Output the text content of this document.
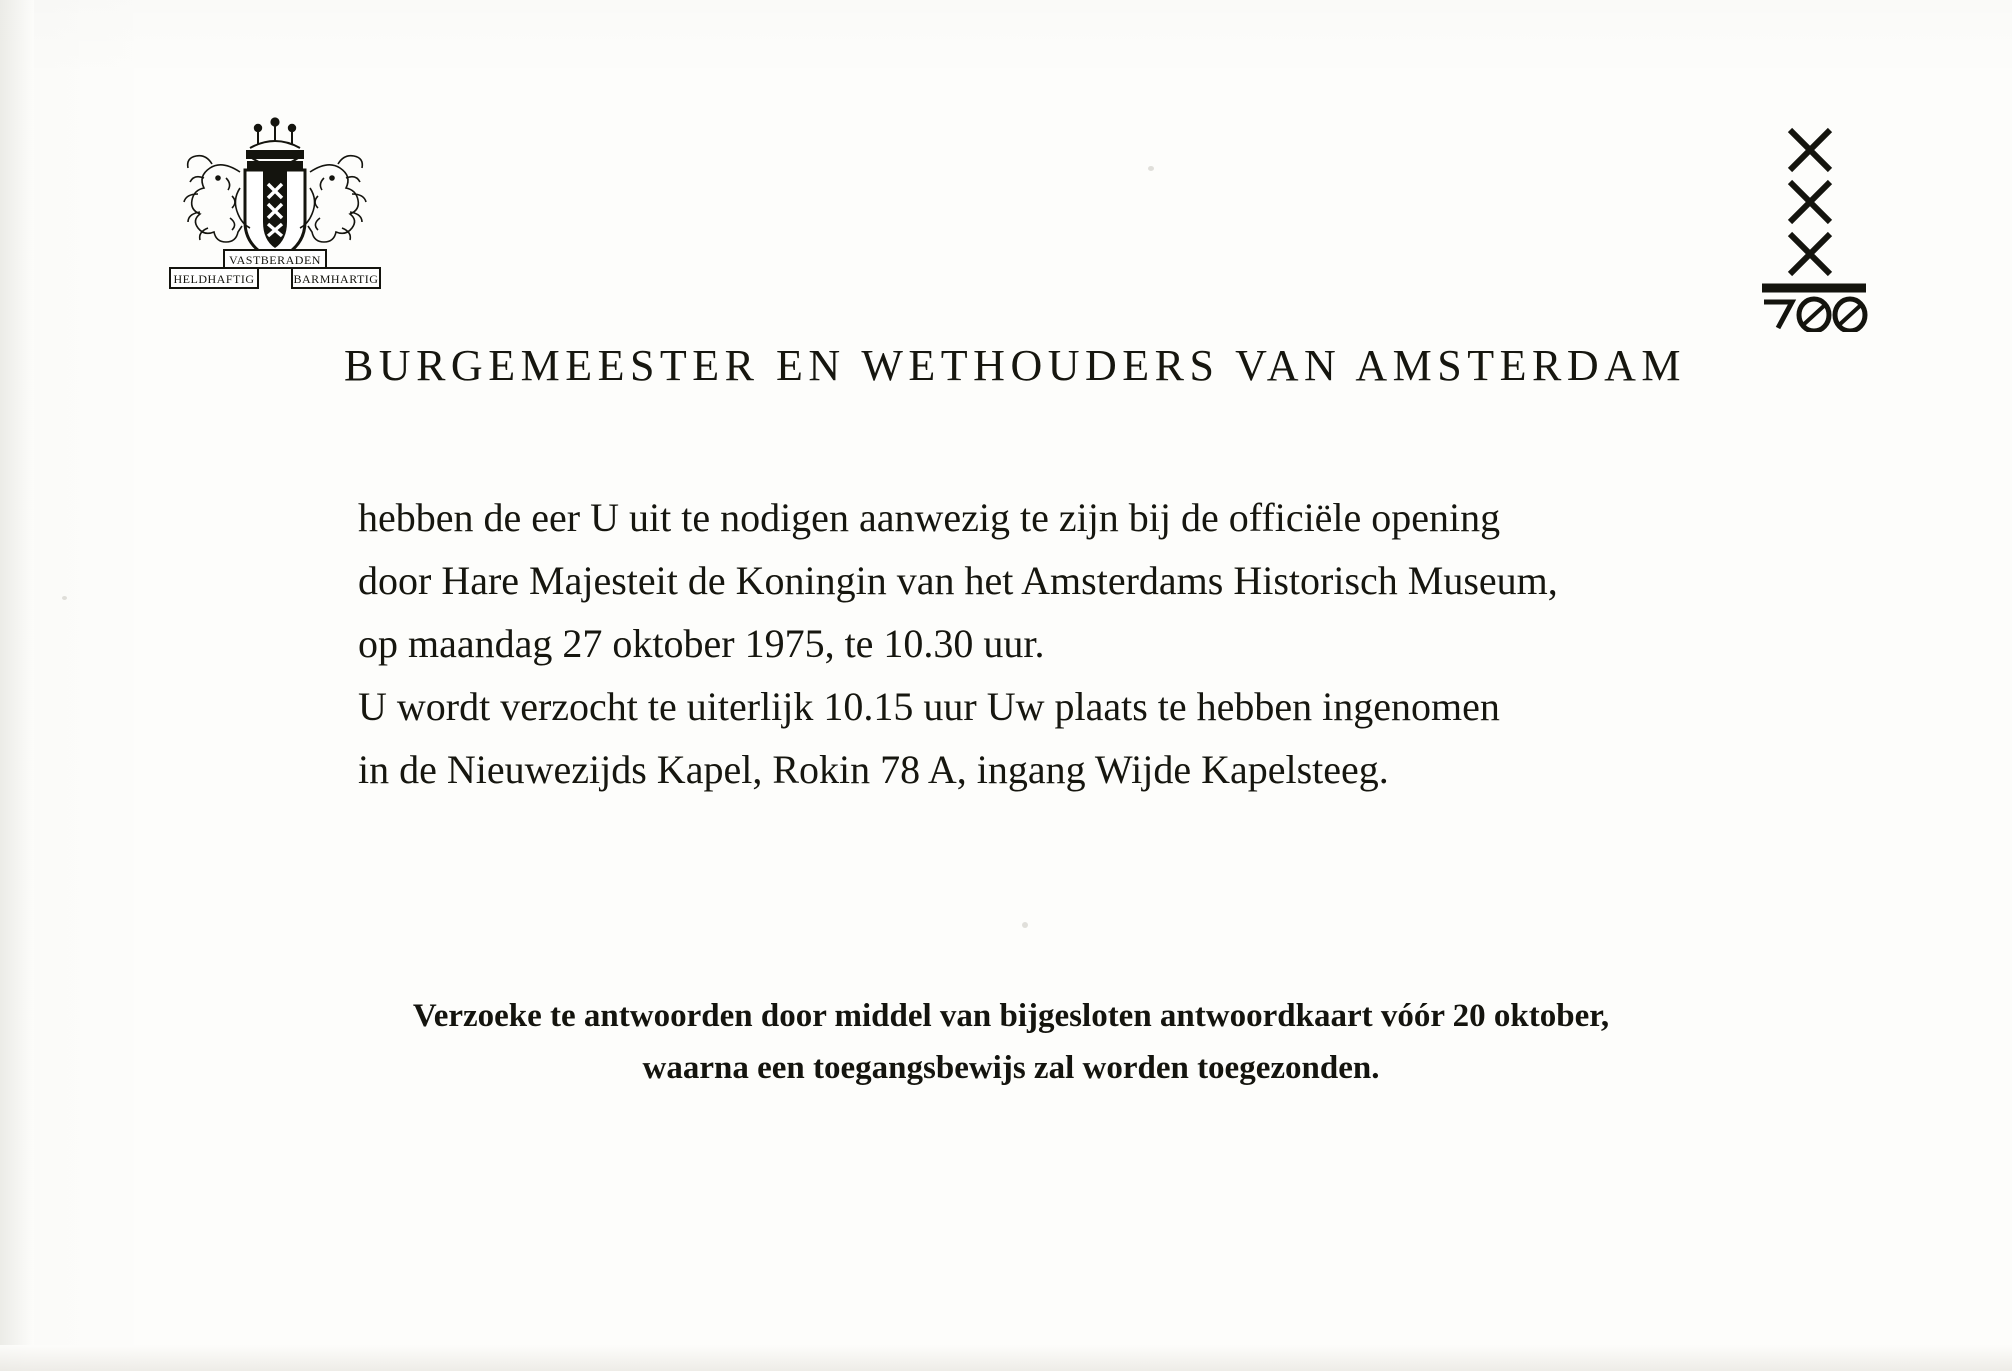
VASTBERADEN
HELDHAFTIG	BARMHARTIG
BURGEMEESTER EN WETHOUDERS VAN AMSTERDAM
hebben de eer U uit te nodigen aanwezig te zijn bij de officiële opening
door Hare Majesteit de Koningin van het Amsterdams Historisch Museum,
op maandag 27 oktober 1975, te 10.30 uur.
U wordt verzocht te uiterlijk 10.15 uur Uw plaats te hebben ingenomen
in de Nieuwezijds Kapel, Rokin 78 A, ingang Wijde Kapelsteeg.
Verzoeke te antwoorden door middel van bijgesloten antwoordkaart vóór 20 oktober,
waarna een toegangsbewijs zal worden toegezonden.
